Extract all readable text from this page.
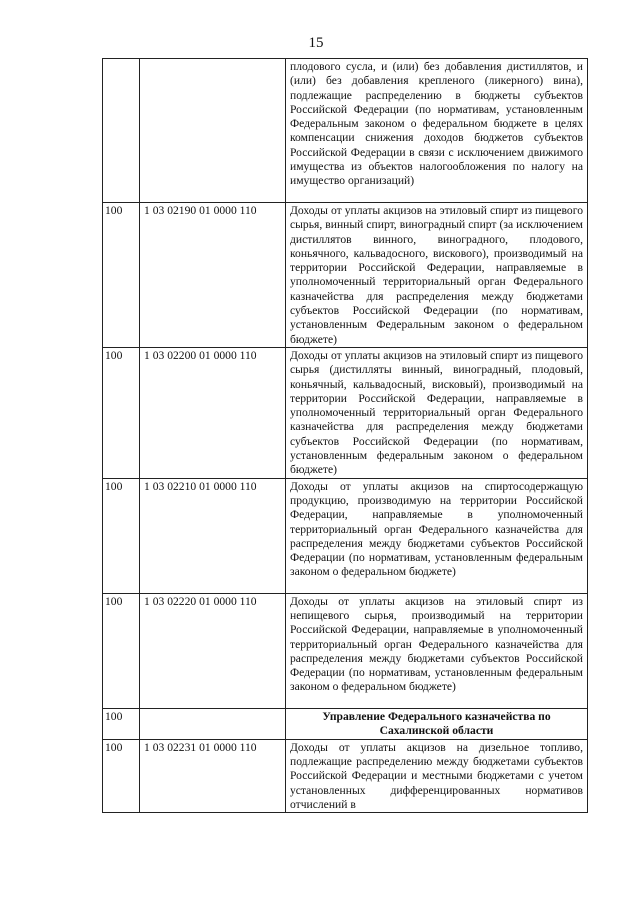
15
		плодового сусла, и (или) без добавления дистиллятов, и (или) без добавления крепленого (ликерного) вина), подлежащие распределению в бюджеты субъектов Российской Федерации (по нормативам, установленным Федеральным законом о федеральном бюджете в целях компенсации снижения доходов бюджетов субъектов Российской Федерации в связи с исключением движимого имущества из объектов налогообложения по налогу на имущество организаций)
100	1 03 02190 01 0000 110	Доходы от уплаты акцизов на этиловый спирт из пищевого сырья, винный спирт, виноградный спирт (за исключением дистиллятов винного, виноградного, плодового, коньячного, кальвадосного, вискового), производимый на территории Российской Федерации, направляемые в уполномоченный территориальный орган Федерального казначейства для распределения между бюджетами субъектов Российской Федерации (по нормативам, установленным Федеральным законом о федеральном бюджете)
100	1 03 02200 01 0000 110	Доходы от уплаты акцизов на этиловый спирт из пищевого сырья (дистилляты винный, виноградный, плодовый, коньячный, кальвадосный, висковый), производимый на территории Российской Федерации, направляемые в уполномоченный территориальный орган Федерального казначейства для распределения между бюджетами субъектов Российской Федерации (по нормативам, установленным федеральным законом о федеральном бюджете)
100	1 03 02210 01 0000 110	Доходы от уплаты акцизов на спиртосодержащую продукцию, производимую на территории Российской Федерации, направляемые в уполномоченный территориальный орган Федерального казначейства для распределения между бюджетами субъектов Российской Федерации (по нормативам, установленным федеральным законом о федеральном бюджете)
100	1 03 02220 01 0000 110	Доходы от уплаты акцизов на этиловый спирт из непищевого сырья, производимый на территории Российской Федерации, направляемые в уполномоченный территориальный орган Федерального казначейства для распределения между бюджетами субъектов Российской Федерации (по нормативам, установленным федеральным законом о федеральном бюджете)
100		Управление Федерального казначейства по Сахалинской области
100	1 03 02231 01 0000 110	Доходы от уплаты акцизов на дизельное топливо, подлежащие распределению между бюджетами субъектов Российской Федерации и местными бюджетами с учетом установленных дифференцированных нормативов отчислений в
